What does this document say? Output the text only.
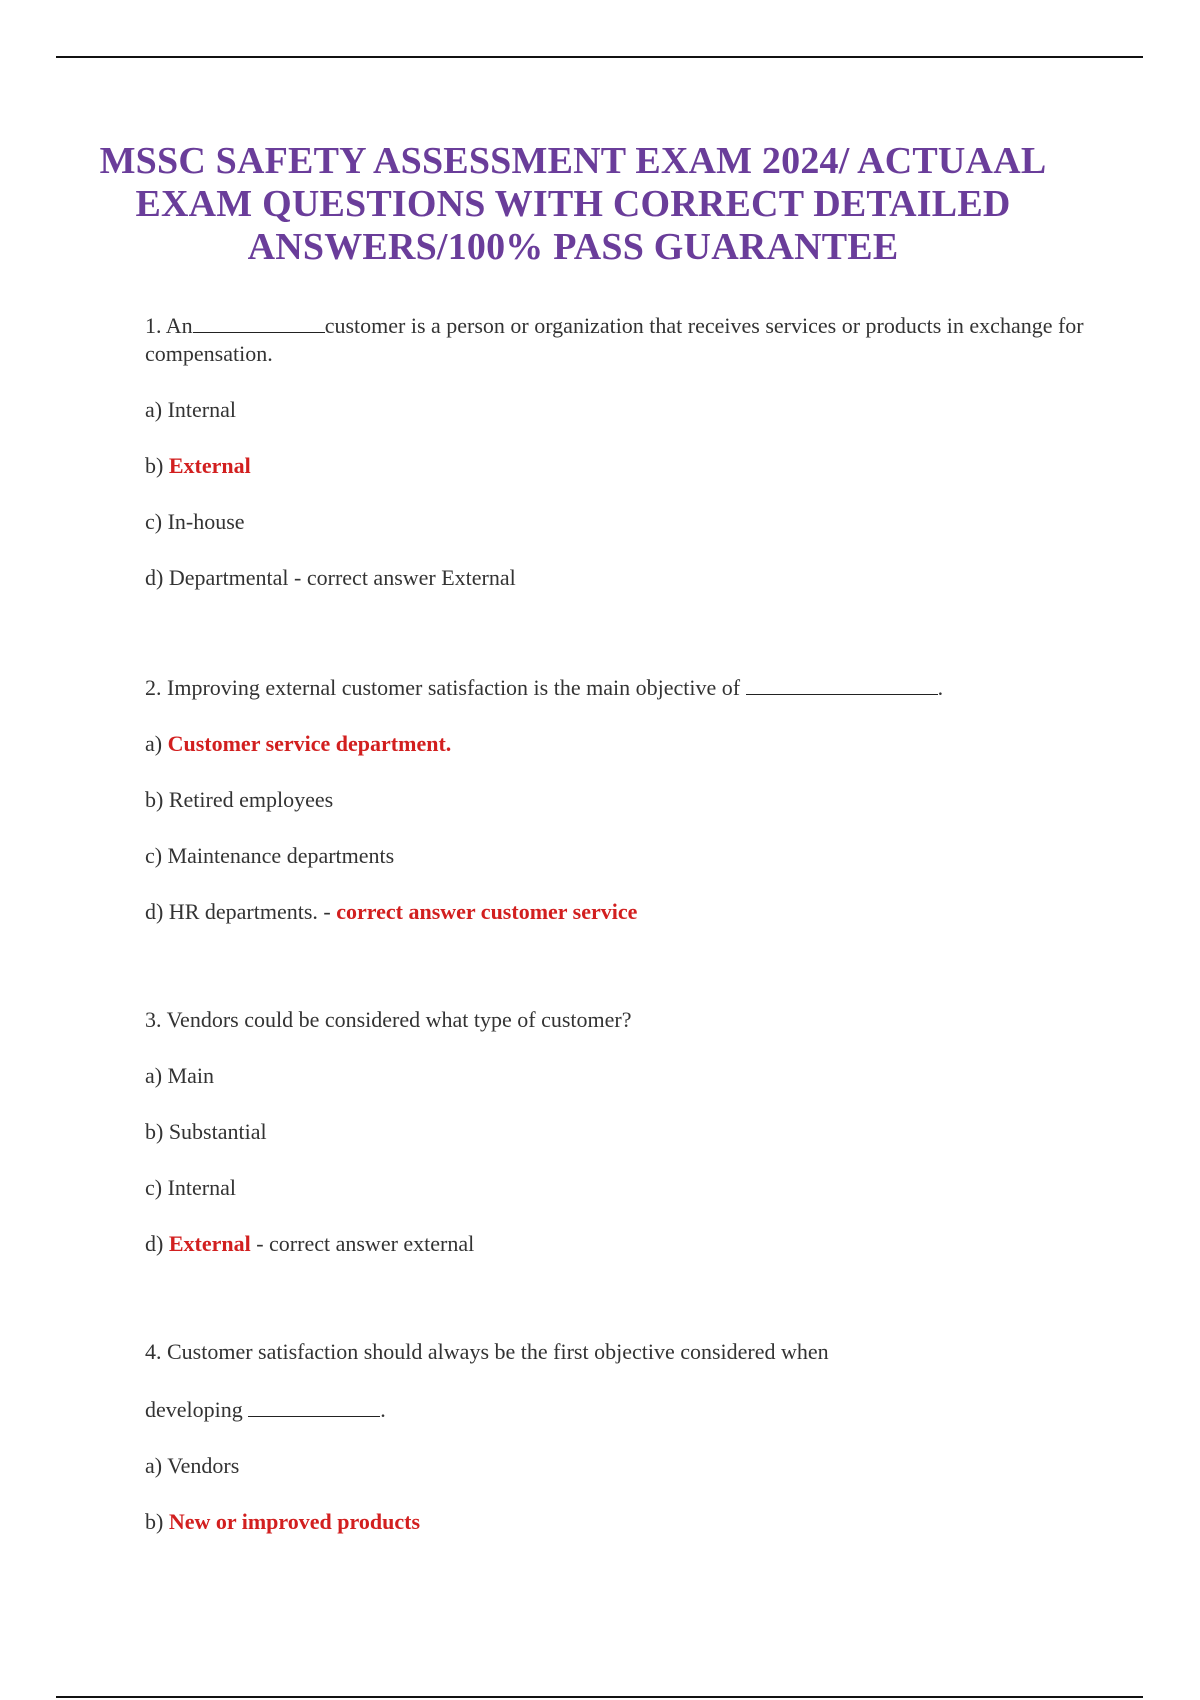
MSSC SAFETY ASSESSMENT EXAM 2024/ ACTUAAL EXAM QUESTIONS WITH CORRECT DETAILED ANSWERS/100% PASS GUARANTEE
1. An	customer is a person or organization that receives services or products in exchange for compensation.
a) Internal
b) External
c) In-house
d) Departmental - correct answer External
2. Improving external customer satisfaction is the main objective of	.
a) Customer service department.
b) Retired employees
c) Maintenance departments
d) HR departments. - correct answer customer service
3. Vendors could be considered what type of customer?
a) Main
b) Substantial
c) Internal
d) External - correct answer external
4. Customer satisfaction should always be the first objective considered when
developing	.
a) Vendors
b) New or improved products
